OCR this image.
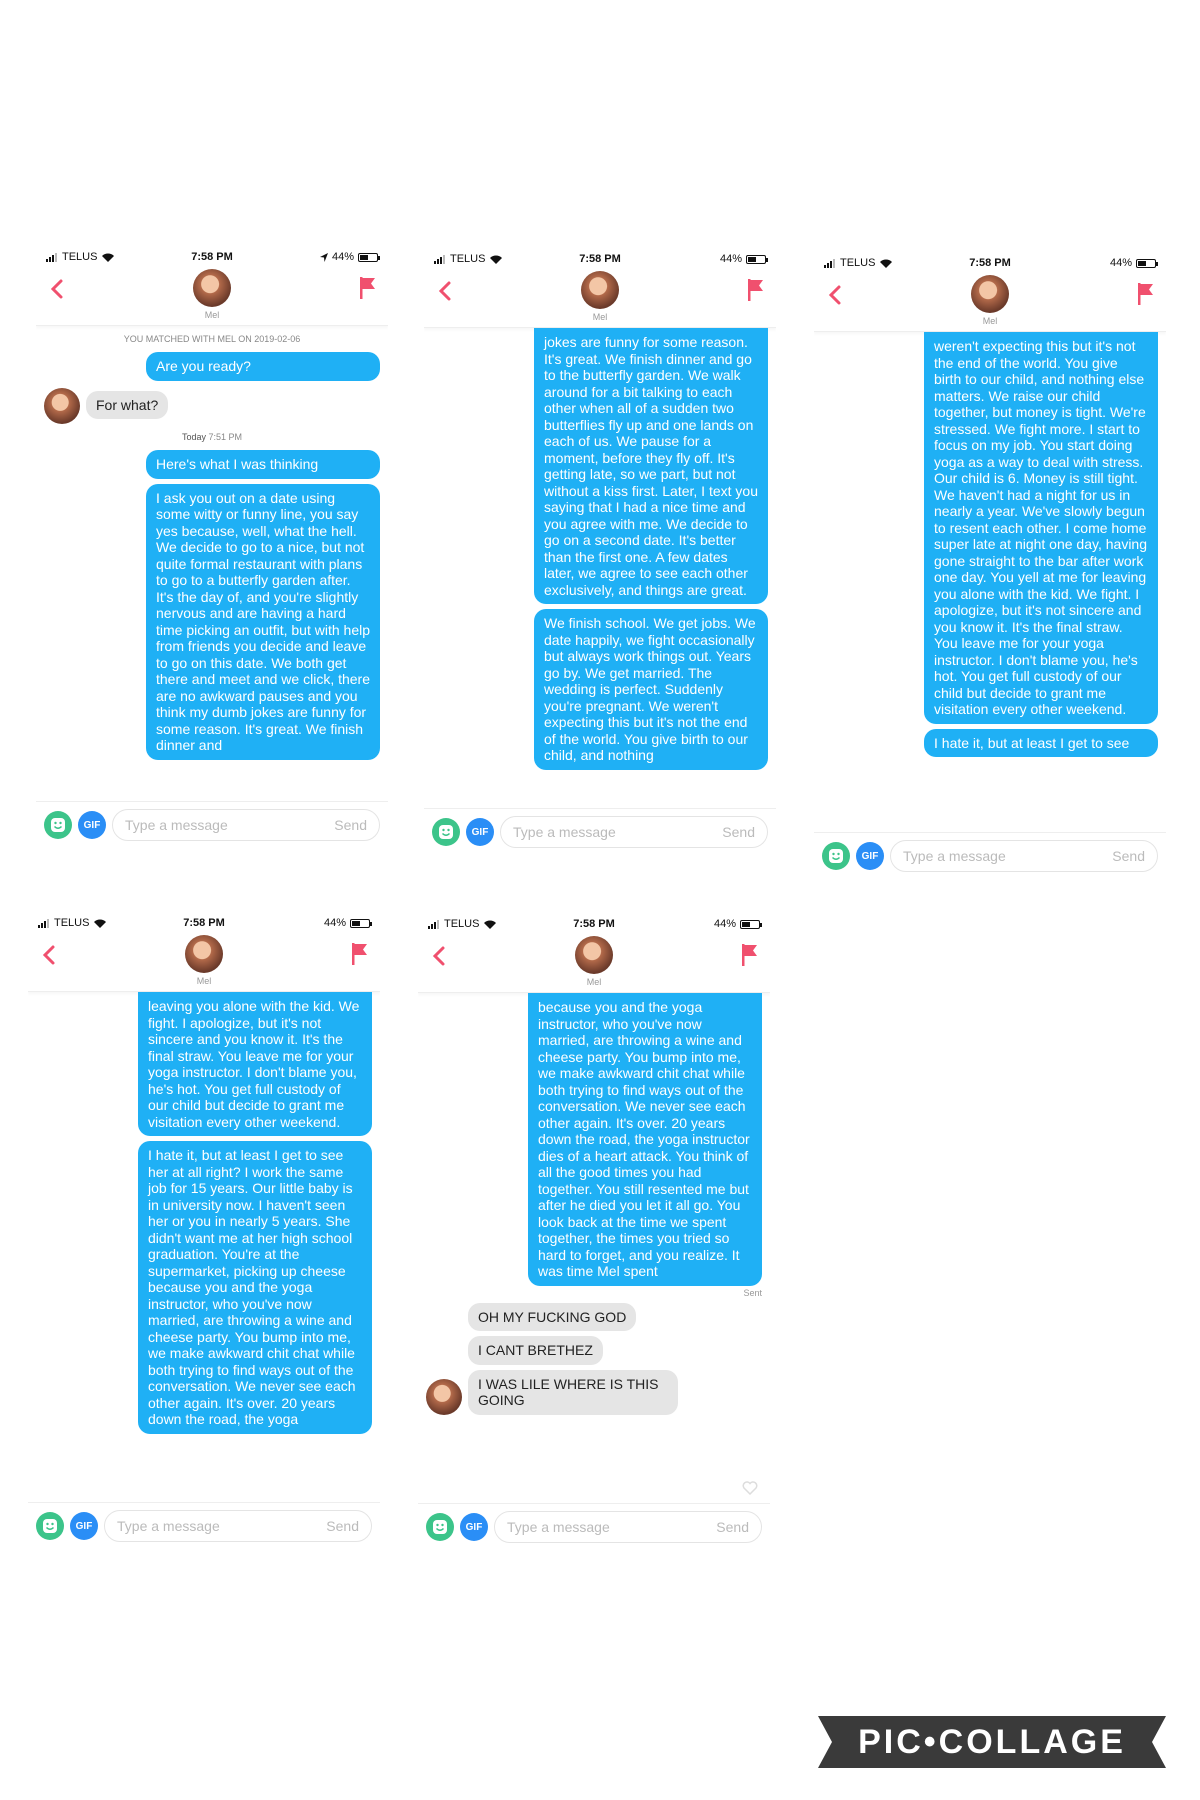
TELUS	7:58 PM	44%
Mel
YOU MATCHED WITH MEL ON 2019-02-06
Are you ready?
For what?
Today 7:51 PM
Here's what I was thinking
I ask you out on a date using some witty or funny line, you say yes because, well, what the hell. We decide to go to a nice, but not quite formal restaurant with plans to go to a butterfly garden after. It's the day of, and you're slightly nervous and are having a hard time picking an outfit, but with help from friends you decide and leave to go on this date. We both get there and meet and we click, there are no awkward pauses and you think my dumb jokes are funny for some reason. It's great. We finish dinner and
GIF	Type a message	Send
TELUS	7:58 PM	44%
Mel
jokes are funny for some reason. It's great. We finish dinner and go to the butterfly garden. We walk around for a bit talking to each other when all of a sudden two butterflies fly up and one lands on each of us. We pause for a moment, before they fly off. It's getting late, so we part, but not without a kiss first. Later, I text you saying that I had a nice time and you agree with me. We decide to go on a second date. It's better than the first one. A few dates later, we agree to see each other exclusively, and things are great.
We finish school. We get jobs. We date happily, we fight occasionally but always work things out. Years go by. We get married. The wedding is perfect. Suddenly you're pregnant. We weren't expecting this but it's not the end of the world. You give birth to our child, and nothing
GIF	Type a message	Send
TELUS	7:58 PM	44%
Mel
weren't expecting this but it's not the end of the world. You give birth to our child, and nothing else matters. We raise our child together, but money is tight. We're stressed. We fight more. I start to focus on my job. You start doing yoga as a way to deal with stress. Our child is 6. Money is still tight. We haven't had a night for us in nearly a year. We've slowly begun to resent each other. I come home super late at night one day, having gone straight to the bar after work one day. You yell at me for leaving you alone with the kid. We fight. I apologize, but it's not sincere and you know it. It's the final straw. You leave me for your yoga instructor. I don't blame you, he's hot. You get full custody of our child but decide to grant me visitation every other weekend.
I hate it, but at least I get to see
GIF	Type a message	Send
TELUS	7:58 PM	44%
Mel
leaving you alone with the kid. We fight. I apologize, but it's not sincere and you know it. It's the final straw. You leave me for your yoga instructor. I don't blame you, he's hot. You get full custody of our child but decide to grant me visitation every other weekend.
I hate it, but at least I get to see her at all right? I work the same job for 15 years. Our little baby is in university now. I haven't seen her or you in nearly 5 years. She didn't want me at her high school graduation. You're at the supermarket, picking up cheese because you and the yoga instructor, who you've now married, are throwing a wine and cheese party. You bump into me, we make awkward chit chat while both trying to find ways out of the conversation. We never see each other again. It's over. 20 years down the road, the yoga
GIF	Type a message	Send
TELUS	7:58 PM	44%
Mel
because you and the yoga instructor, who you've now married, are throwing a wine and cheese party. You bump into me, we make awkward chit chat while both trying to find ways out of the conversation. We never see each other again. It's over. 20 years down the road, the yoga instructor dies of a heart attack. You think of all the good times you had together. You still resented me but after he died you let it all go. You look back at the time we spent together, the times you tried so hard to forget, and you realize. It was time Mel spent
Sent
OH MY FUCKING GOD
I CANT BRETHEZ
I WAS LILE WHERE IS THIS GOING
GIF	Type a message	Send
PIC•COLLAGE
